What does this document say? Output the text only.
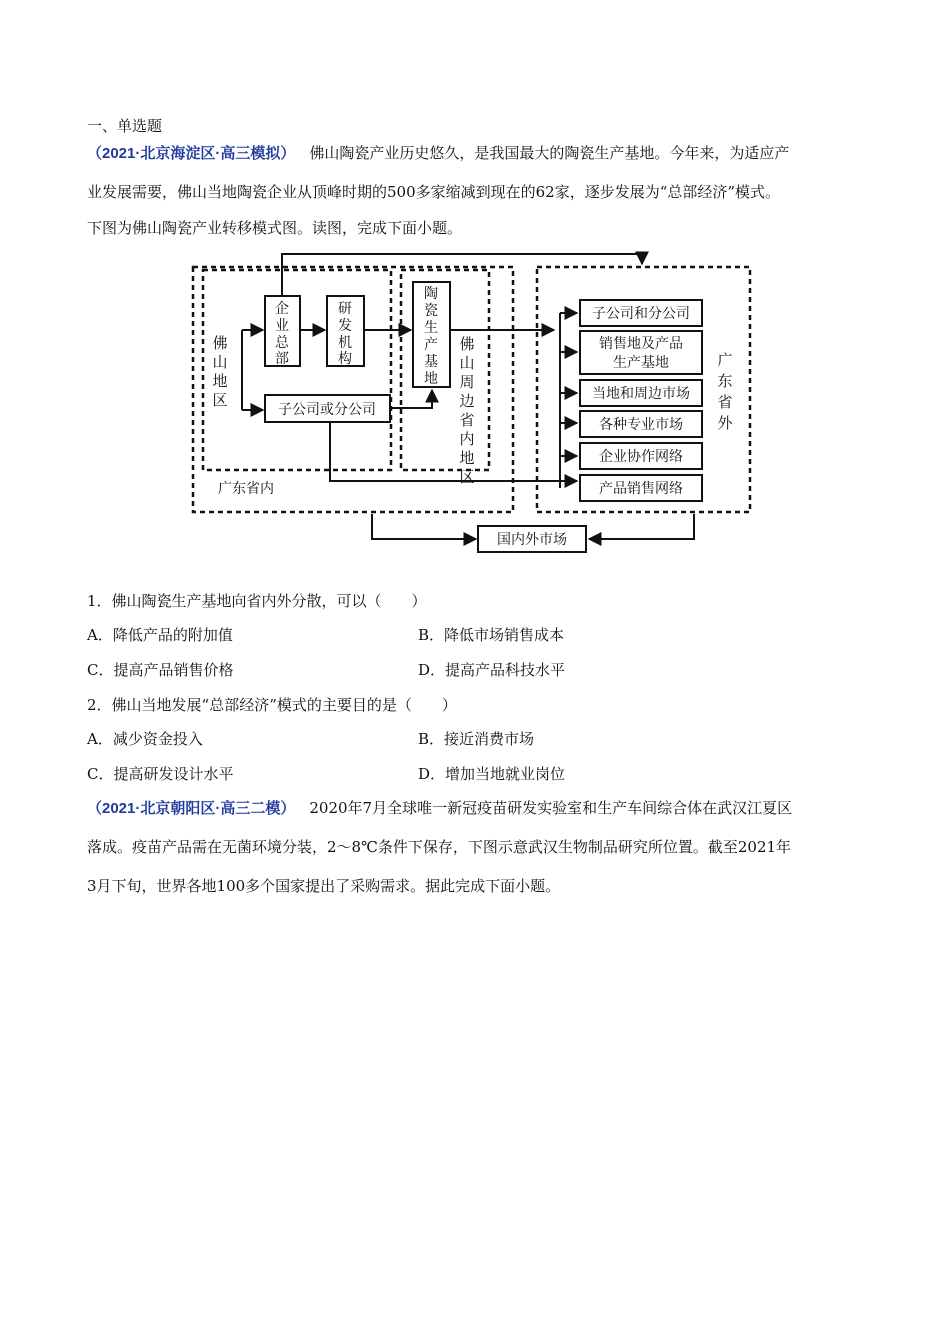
一、单选题
（2021·北京海淀区·高三模拟） 佛山陶瓷产业历史悠久，是我国最大的陶瓷生产基地。今年来，为适应产
业发展需要，佛山当地陶瓷企业从顶峰时期的500多家缩减到现在的62家，逐步发展为“总部经济”模式。
下图为佛山陶瓷产业转移模式图。读图，完成下面小题。
佛
山
地
区
广东省内
佛
山
周
边
省
内
地
区
广
东
省
外
企
业
总
部
研
发
机
构
子公司或分公司
陶
瓷
生
产
基
地
子公司和分公司
销售地及产品
生产基地
当地和周边市场
各种专业市场
企业协作网络
产品销售网络
国内外市场
1．佛山陶瓷生产基地向省内外分散，可以（　　）
A．降低产品的附加值	B．降低市场销售成本
C．提高产品销售价格	D．提高产品科技水平
2．佛山当地发展“总部经济”模式的主要目的是（　　）
A．减少资金投入	B．接近消费市场
C．提高研发设计水平	D．增加当地就业岗位
（2021·北京朝阳区·高三二模） 2020年7月全球唯一新冠疫苗研发实验室和生产车间综合体在武汉江夏区
落成。疫苗产品需在无菌环境分装，2～8℃条件下保存，下图示意武汉生物制品研究所位置。截至2021年
3月下旬，世界各地100多个国家提出了采购需求。据此完成下面小题。
